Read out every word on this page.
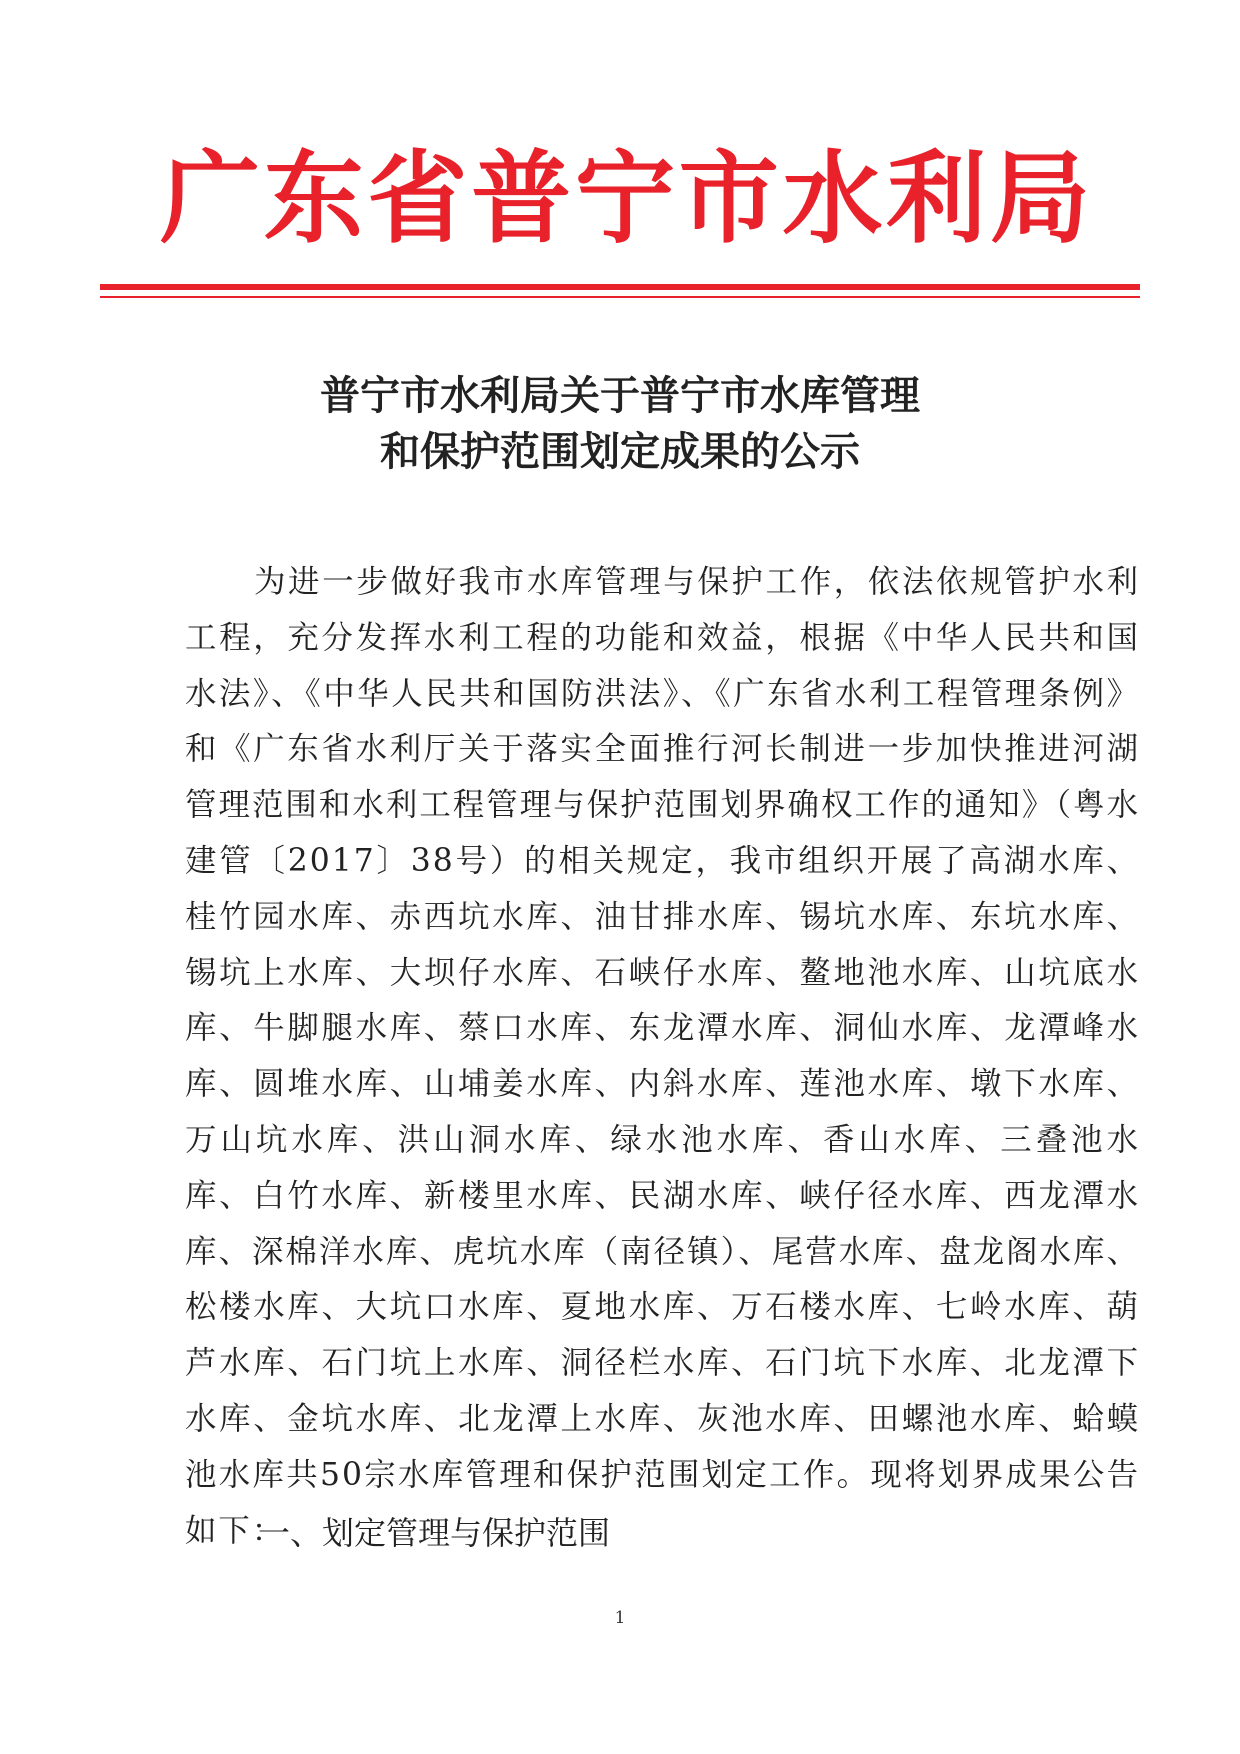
广 东 省 普 宁 市 水 利 局
普宁市水利局关于普宁市水库管理
和保护范围划定成果的公示
为进一步做好我市水库管理与保护工作，依法依规管护水利工程，充分发挥水利工程的功能和效益，根据《中华人民共和国水法》、《中华人民共和国防洪法》、《广东省水利工程管理条例》和《广东省水利厅关于落实全面推行河长制进一步加快推进河湖管理范围和水利工程管理与保护范围划界确权工作的通知》（粤水建管〔2017〕38号）的相关规定，我市组织开展了高湖水库、桂竹园水库、赤西坑水库、油甘排水库、锡坑水库、东坑水库、锡坑上水库、大坝仔水库、石峡仔水库、鳌地池水库、山坑底水库、牛脚腿水库、蔡口水库、东龙潭水库、洞仙水库、龙潭峰水库、圆堆水库、山埔姜水库、内斜水库、莲池水库、墩下水库、万山坑水库、洪山洞水库、绿水池水库、香山水库、三叠池水库、白竹水库、新楼里水库、民湖水库、峡仔径水库、西龙潭水库、深棉洋水库、虎坑水库（南径镇）、尾营水库、盘龙阁水库、松楼水库、大坑口水库、夏地水库、万石楼水库、七岭水库、葫芦水库、石门坑上水库、洞径栏水库、石门坑下水库、北龙潭下水库、金坑水库、北龙潭上水库、灰池水库、田螺池水库、蛤蟆池水库共50宗水库管理和保护范围划定工作。现将划界成果公告如下：
一、划定管理与保护范围
1
